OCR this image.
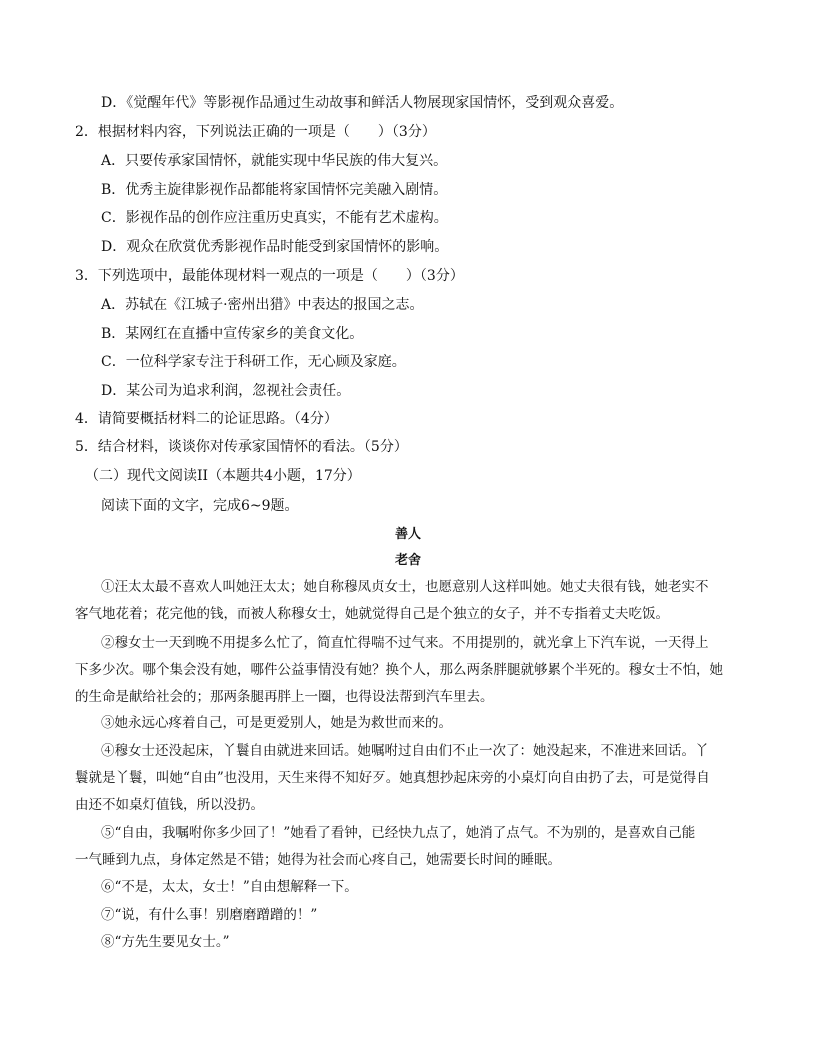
D．《觉醒年代》等影视作品通过生动故事和鲜活人物展现家国情怀，受到观众喜爱。
2．根据材料内容，下列说法正确的一项是（　　）（3分）
A．只要传承家国情怀，就能实现中华民族的伟大复兴。
B．优秀主旋律影视作品都能将家国情怀完美融入剧情。
C．影视作品的创作应注重历史真实，不能有艺术虚构。
D．观众在欣赏优秀影视作品时能受到家国情怀的影响。
3．下列选项中，最能体现材料一观点的一项是（　　）（3分）
A．苏轼在《江城子·密州出猎》中表达的报国之志。
B．某网红在直播中宣传家乡的美食文化。
C．一位科学家专注于科研工作，无心顾及家庭。
D．某公司为追求利润，忽视社会责任。
4．请简要概括材料二的论证思路。（4分）
5．结合材料，谈谈你对传承家国情怀的看法。（5分）
（二）现代文阅读II（本题共4小题，17分）
阅读下面的文字，完成6~9题。
善人
老舍
①汪太太最不喜欢人叫她汪太太；她自称穆凤贞女士，也愿意别人这样叫她。她丈夫很有钱，她老实不
客气地花着；花完他的钱，而被人称穆女士，她就觉得自己是个独立的女子，并不专指着丈夫吃饭。
②穆女士一天到晚不用提多么忙了，简直忙得喘不过气来。不用提别的，就光拿上下汽车说，一天得上
下多少次。哪个集会没有她，哪件公益事情没有她？换个人，那么两条胖腿就够累个半死的。穆女士不怕，她
的生命是献给社会的；那两条腿再胖上一圈，也得设法帮到汽车里去。
③她永远心疼着自己，可是更爱别人，她是为救世而来的。
④穆女士还没起床，丫鬟自由就进来回话。她嘱咐过自由们不止一次了：她没起来，不准进来回话。丫
鬟就是丫鬟，叫她“自由”也没用，天生来得不知好歹。她真想抄起床旁的小桌灯向自由扔了去，可是觉得自
由还不如桌灯值钱，所以没扔。
⑤“自由，我嘱咐你多少回了！”她看了看钟，已经快九点了，她消了点气。不为别的，是喜欢自己能
一气睡到九点，身体定然是不错；她得为社会而心疼自己，她需要长时间的睡眠。
⑥“不是，太太，女士！”自由想解释一下。
⑦“说，有什么事！别磨磨蹭蹭的！”
⑧“方先生要见女士。”
